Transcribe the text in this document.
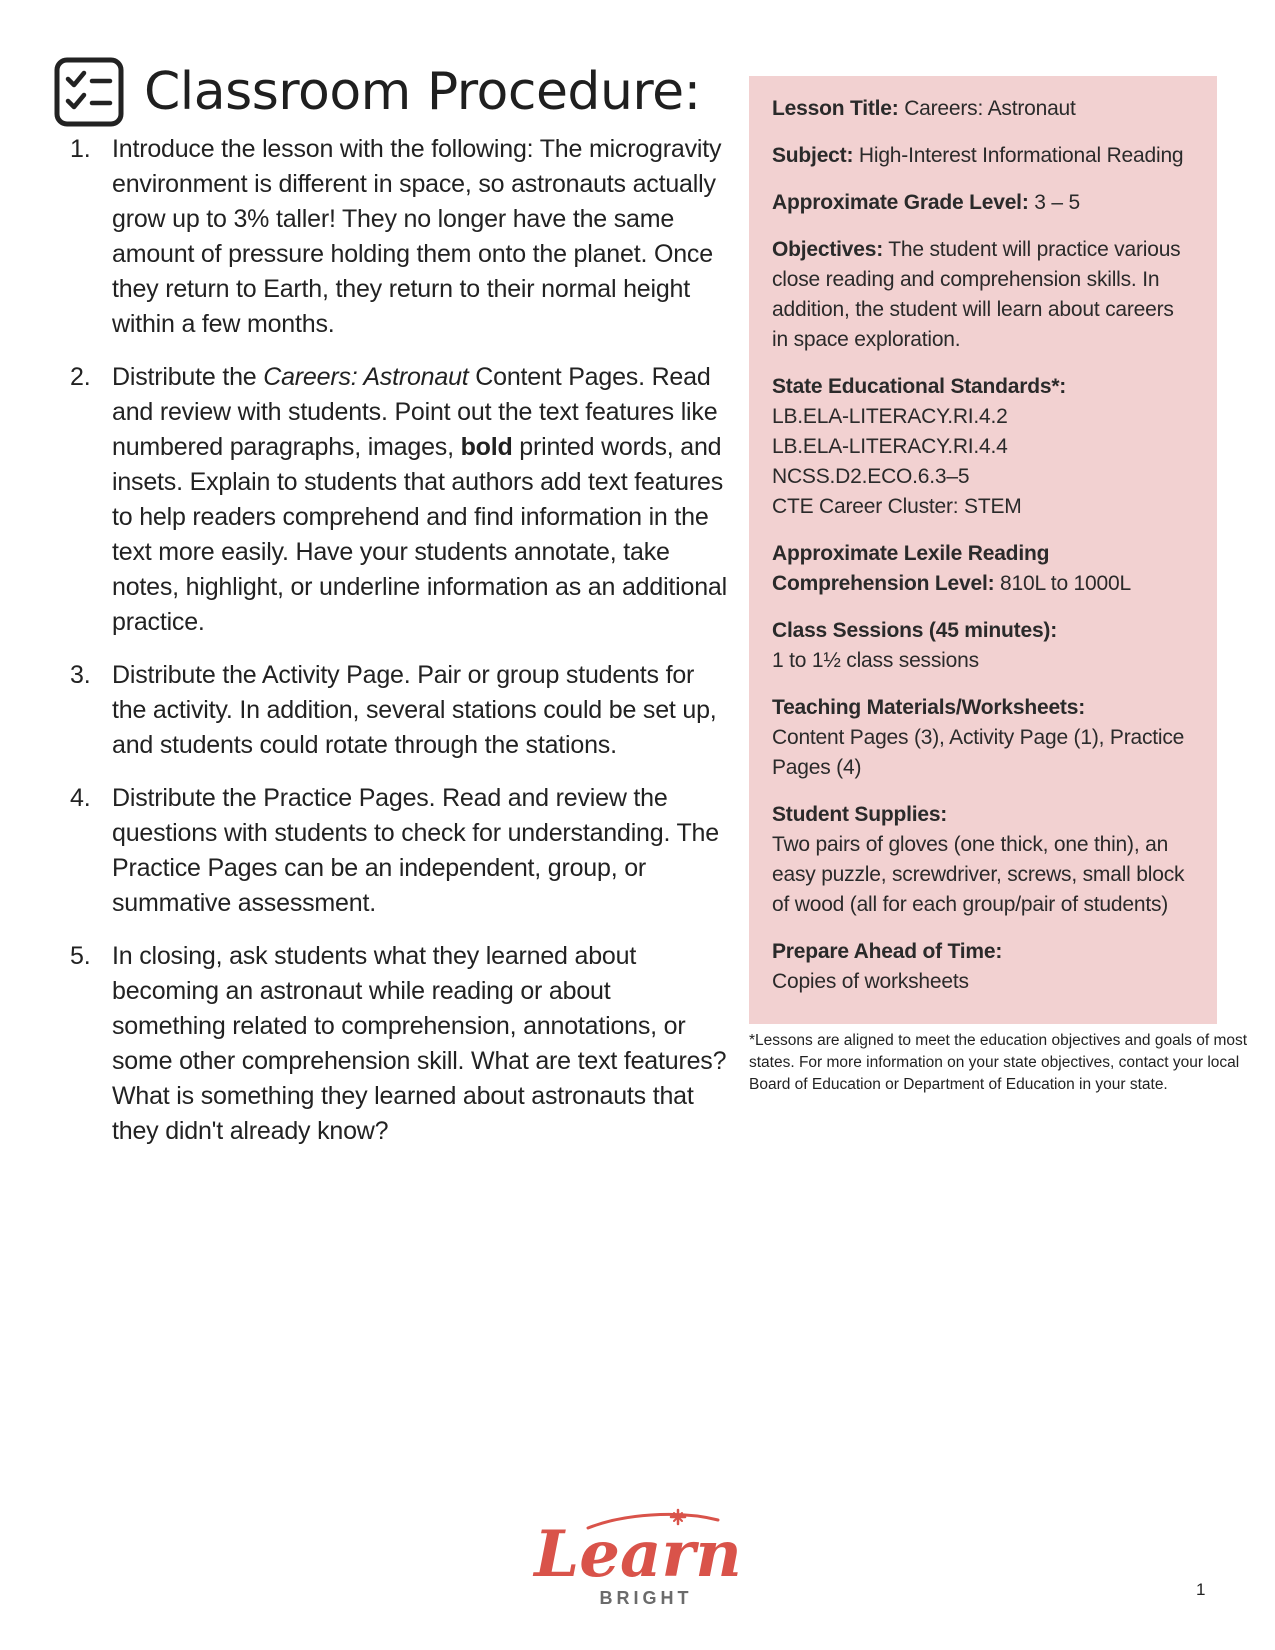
Classroom Procedure:
1. Introduce the lesson with the following: The microgravity environment is different in space, so astronauts actually grow up to 3% taller! They no longer have the same amount of pressure holding them onto the planet. Once they return to Earth, they return to their normal height within a few months.
2. Distribute the Careers: Astronaut Content Pages. Read and review with students. Point out the text features like numbered paragraphs, images, bold printed words, and insets. Explain to students that authors add text features to help readers comprehend and find information in the text more easily. Have your students annotate, take notes, highlight, or underline information as an additional practice.
3. Distribute the Activity Page. Pair or group students for the activity. In addition, several stations could be set up, and students could rotate through the stations.
4. Distribute the Practice Pages. Read and review the questions with students to check for understanding. The Practice Pages can be an independent, group, or summative assessment.
5. In closing, ask students what they learned about becoming an astronaut while reading or about something related to comprehension, annotations, or some other comprehension skill. What are text features? What is something they learned about astronauts that they didn't already know?
Lesson Title: Careers: Astronaut
Subject: High-Interest Informational Reading
Approximate Grade Level: 3 – 5
Objectives: The student will practice various close reading and comprehension skills. In addition, the student will learn about careers in space exploration.
State Educational Standards*:
LB.ELA-LITERACY.RI.4.2
LB.ELA-LITERACY.RI.4.4
NCSS.D2.ECO.6.3–5
CTE Career Cluster: STEM
Approximate Lexile Reading Comprehension Level: 810L to 1000L
Class Sessions (45 minutes):
1 to 1½ class sessions
Teaching Materials/Worksheets:
Content Pages (3), Activity Page (1), Practice Pages (4)
Student Supplies:
Two pairs of gloves (one thick, one thin), an easy puzzle, screwdriver, screws, small block of wood (all for each group/pair of students)
Prepare Ahead of Time:
Copies of worksheets
*Lessons are aligned to meet the education objectives and goals of most states. For more information on your state objectives, contact your local Board of Education or Department of Education in your state.
Learn
BRIGHT	1
